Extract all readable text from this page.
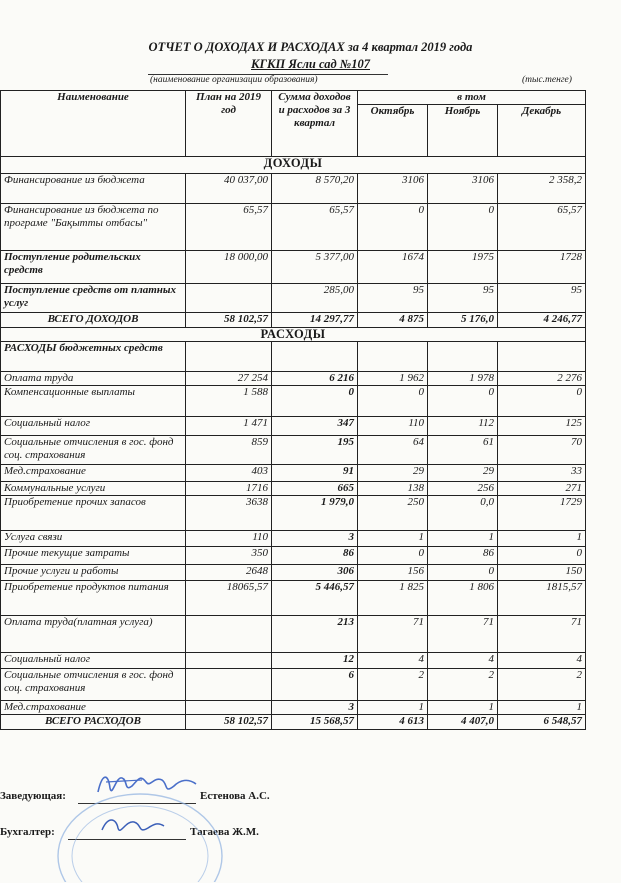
ОТЧЕТ О ДОХОДАХ И РАСХОДАХ за 4 квартал 2019 года
КГКП Ясли сад №107
(наименование организации образования)	(тыс.тенге)
Наименование	План на 2019 год	Сумма доходов и расходов за 3 квартал	в том		
			Октябрь	Ноябрь	Декабрь
ДОХОДЫ					
Финансирование из бюджета	40 037,00	8 570,20	3106	3106	2 358,2
Финансирование из бюджета по програме "Бақытты отбасы"	65,57	65,57	0	0	65,57
Поступление родительских средств	18 000,00	5 377,00	1674	1975	1728
Поступление средств от платных услуг		285,00	95	95	95
ВСЕГО ДОХОДОВ	58 102,57	14 297,77	4 875	5 176,0	4 246,77
РАСХОДЫ					
РАСХОДЫ бюджетных средств					
Оплата труда	27 254	6 216	1 962	1 978	2 276
Компенсационные выплаты	1 588	0	0	0	0
Социальный налог	1 471	347	110	112	125
Социальные отчисления в гос. фонд соц. страхования	859	195	64	61	70
Мед.страхование	403	91	29	29	33
Коммунальные услуги	1716	665	138	256	271
Приобретение прочих запасов	3638	1 979,0	250	0,0	1729
Услуга связи	110	3	1	1	1
Прочие текущие затраты	350	86	0	86	0
Прочие услуги и работы	2648	306	156	0	150
Приобретение продуктов питания	18065,57	5 446,57	1 825	1 806	1815,57
Оплата труда(платная услуга)		213	71	71	71
Социальный налог		12	4	4	4
Социальные отчисления в гос. фонд соц. страхования		6	2	2	2
Мед.страхование		3	1	1	1
ВСЕГО РАСХОДОВ	58 102,57	15 568,57	4 613	4 407,0	6 548,57
Заведующая:	Естенова А.С.
Бухгалтер:	Тагаева Ж.М.
